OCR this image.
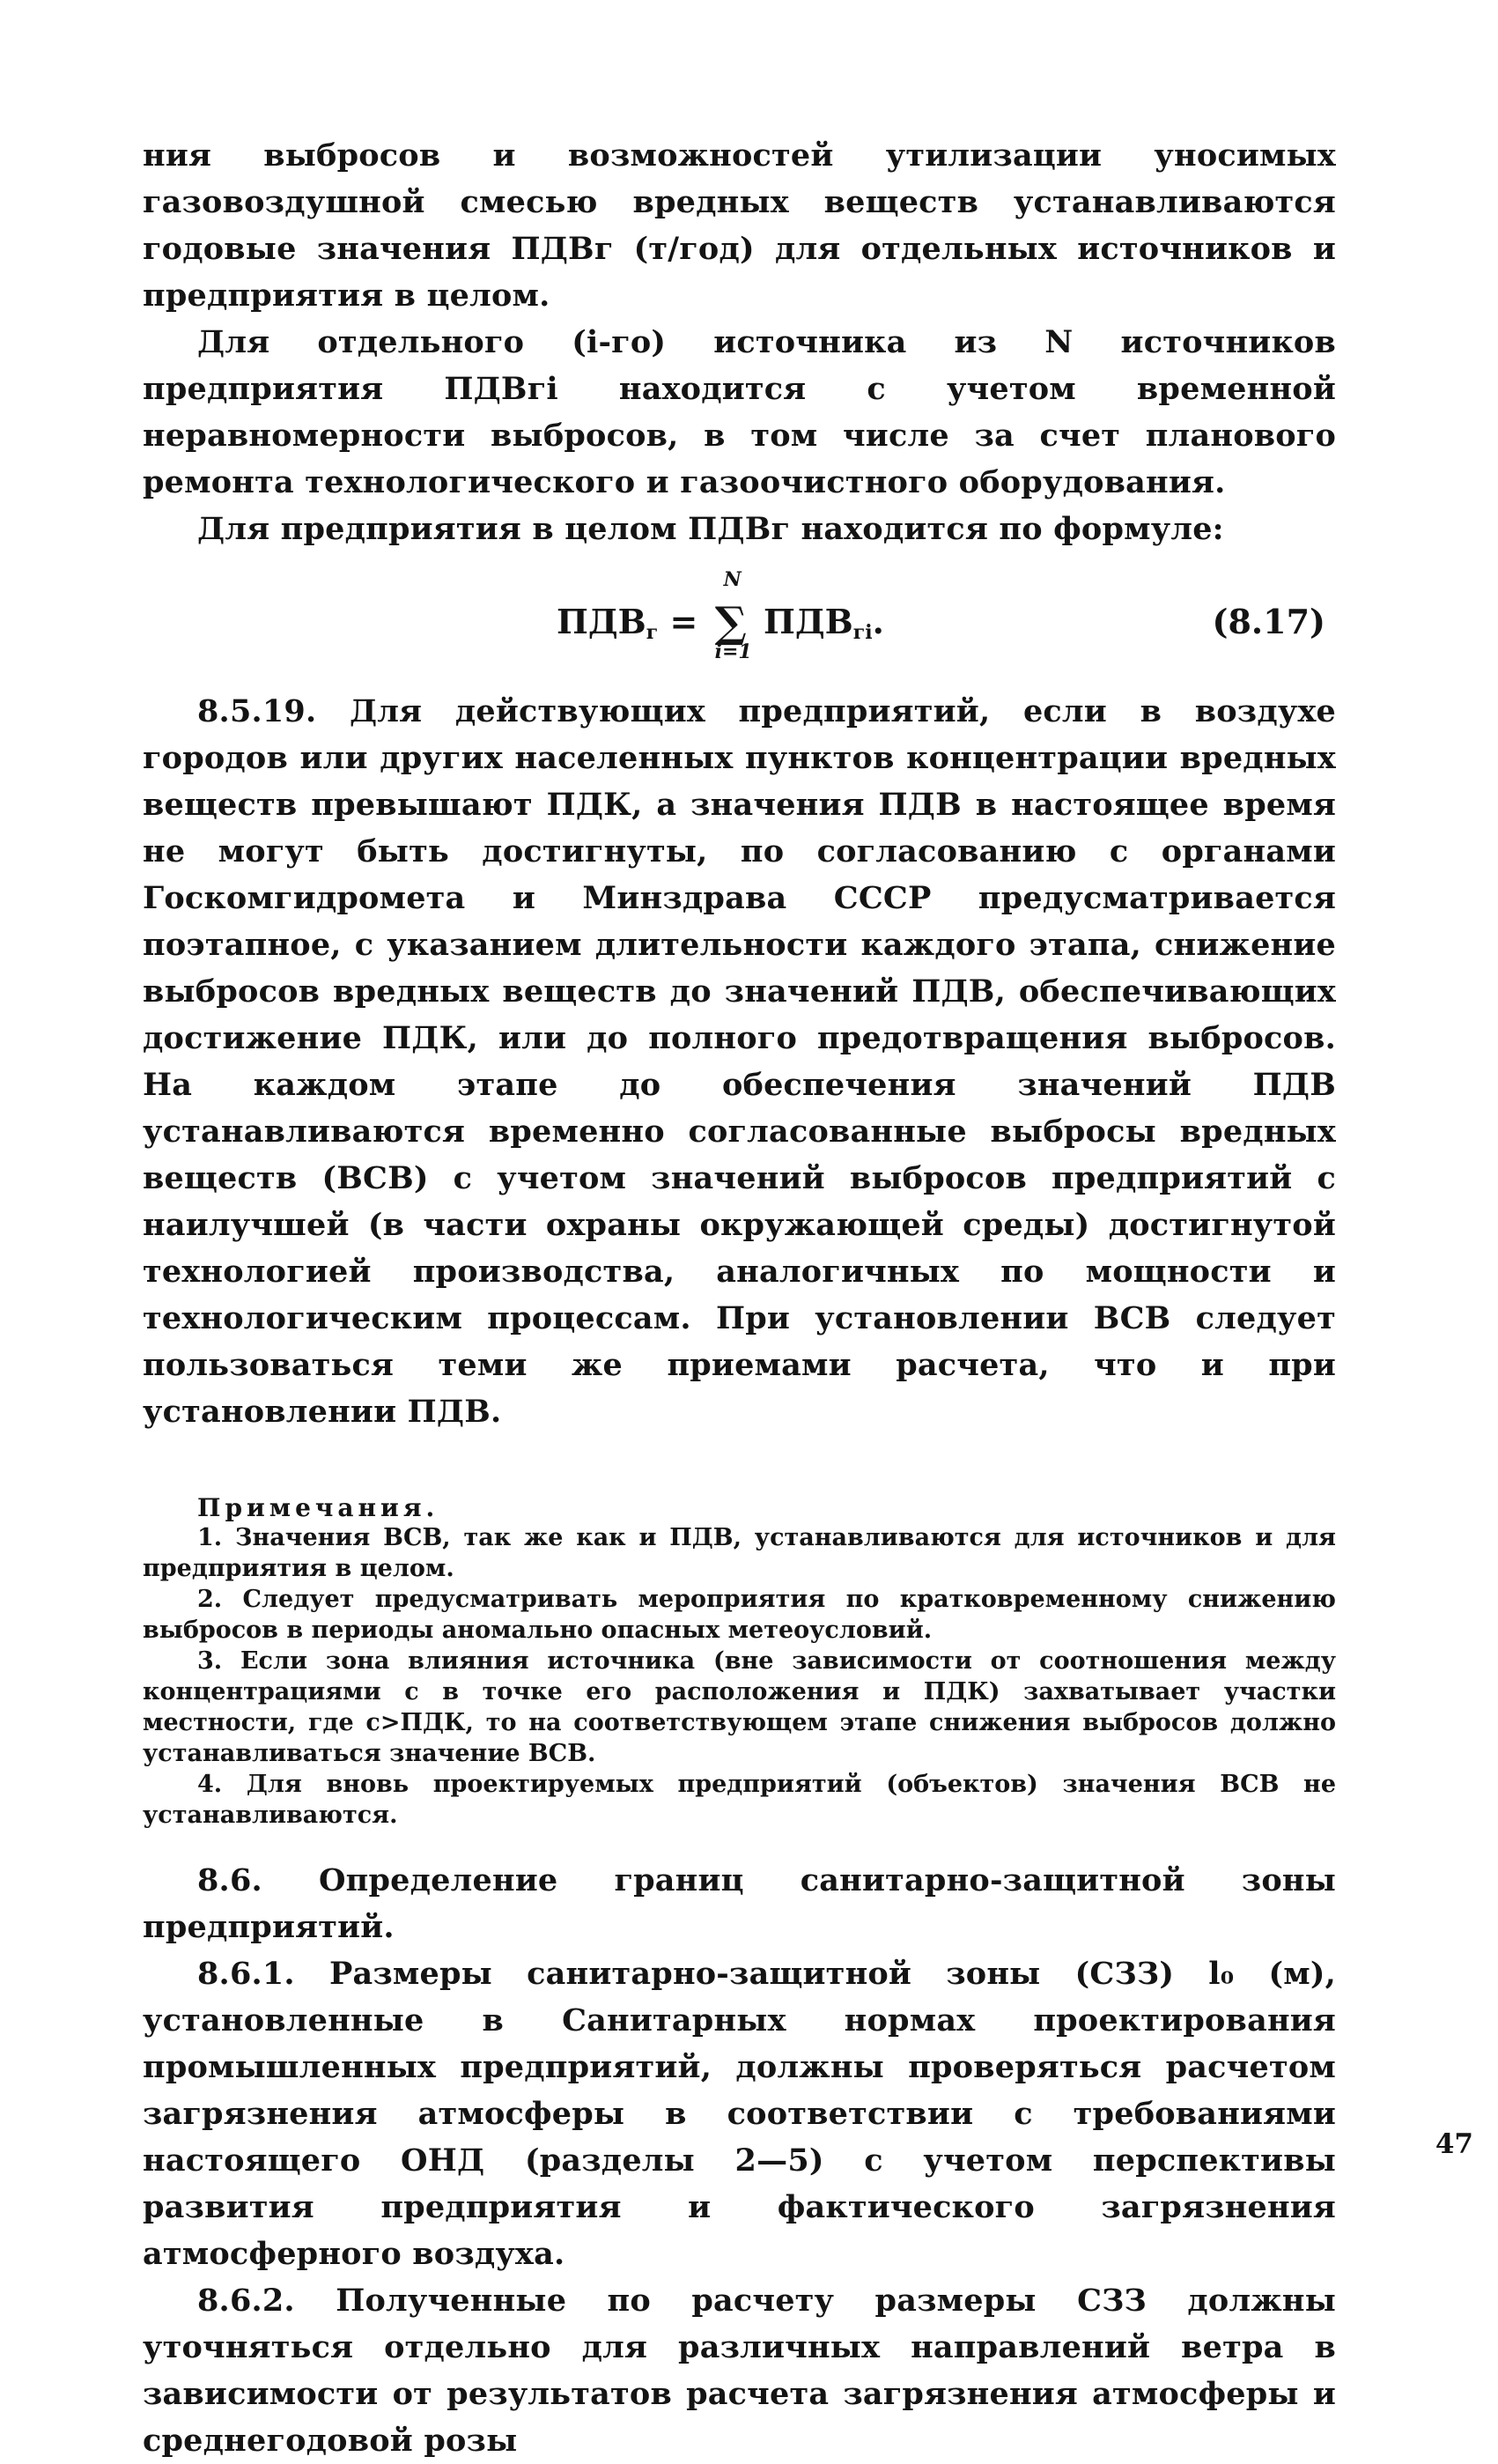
ния выбросов и возможностей утилизации уносимых газовоздушной смесью вредных веществ устанавливаются годовые значения ПДВг (т/год) для отдельных источников и предприятия в целом.

Для отдельного (i-го) источника из N источников предприятия ПДВгi находится с учетом временной неравномерности выбросов, в том числе за счет планового ремонта технологического и газоочистного оборудования.

Для предприятия в целом ПДВг находится по формуле:

$ПДВ_г$ =
N
∑
i=1
$ПДВ_{гi}$.	(8.17)

8.5.19. Для действующих предприятий, если в воздухе городов или других населенных пунктов концентрации вредных веществ превышают ПДК, а значения ПДВ в настоящее время не могут быть достигнуты, по согласованию с органами Госкомгидромета и Минздрава СССР предусматривается поэтапное, с указанием длительности каждого этапа, снижение выбросов вредных веществ до значений ПДВ, обеспечивающих достижение ПДК, или до полного предотвращения выбросов. На каждом этапе до обеспечения значений ПДВ устанавливаются временно согласованные выбросы вредных веществ (ВСВ) с учетом значений выбросов предприятий с наилучшей (в части охраны окружающей среды) достигнутой технологией производства, аналогичных по мощности и технологическим процессам. При установлении ВСВ следует пользоваться теми же приемами расчета, что и при установлении ПДВ.

Примечания.

1. Значения ВСВ, так же как и ПДВ, устанавливаются для источников и для предприятия в целом.

2. Следует предусматривать мероприятия по кратковременному снижению выбросов в периоды аномально опасных метеоусловий.

3. Если зона влияния источника (вне зависимости от соотношения между концентрациями c в точке его расположения и ПДК) захватывает участки местности, где c>ПДК, то на соответствующем этапе снижения выбросов должно устанавливаться значение ВСВ.

4. Для вновь проектируемых предприятий (объектов) значения ВСВ не устанавливаются.

8.6. Определение границ санитарно-защитной зоны предприятий.

8.6.1. Размеры санитарно-защитной зоны (СЗЗ) l₀ (м), установленные в Санитарных нормах проектирования промышленных предприятий, должны проверяться расчетом загрязнения атмосферы в соответствии с требованиями настоящего ОНД (разделы 2—5) с учетом перспективы развития предприятия и фактического загрязнения атмосферного воздуха.

8.6.2. Полученные по расчету размеры СЗЗ должны уточняться отдельно для различных направлений ветра в зависимости от результатов расчета загрязнения атмосферы и среднегодовой розы

47
